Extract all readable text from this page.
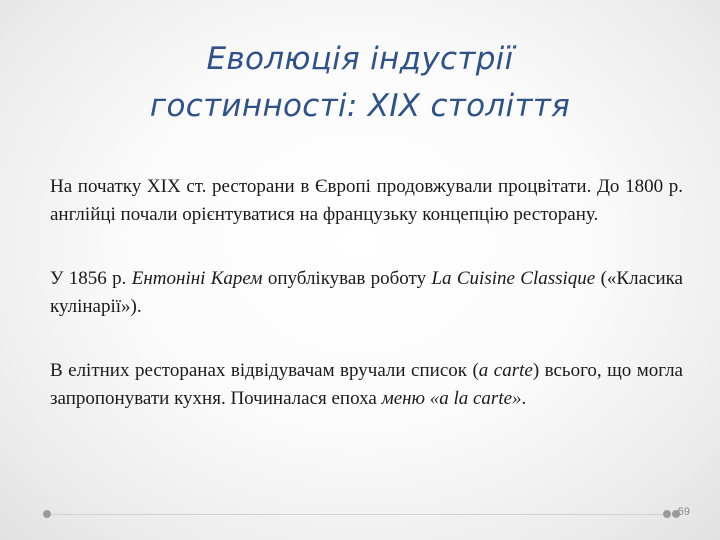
Еволюція індустрії
гостинності: ХІХ століття

На початку ХІХ ст. ресторани в Європі продовжували процвітати. До 1800 р. англійці почали орієнтуватися на французьку концепцію ресторану.

У 1856 р. Ентоніні Карем опублікував роботу La Cuisine Classique («Класика кулінарії»).

В елітних ресторанах відвідувачам вручали список (a carte) всього, що могла запропонувати кухня. Починалася епоха меню «a la carte».

59
